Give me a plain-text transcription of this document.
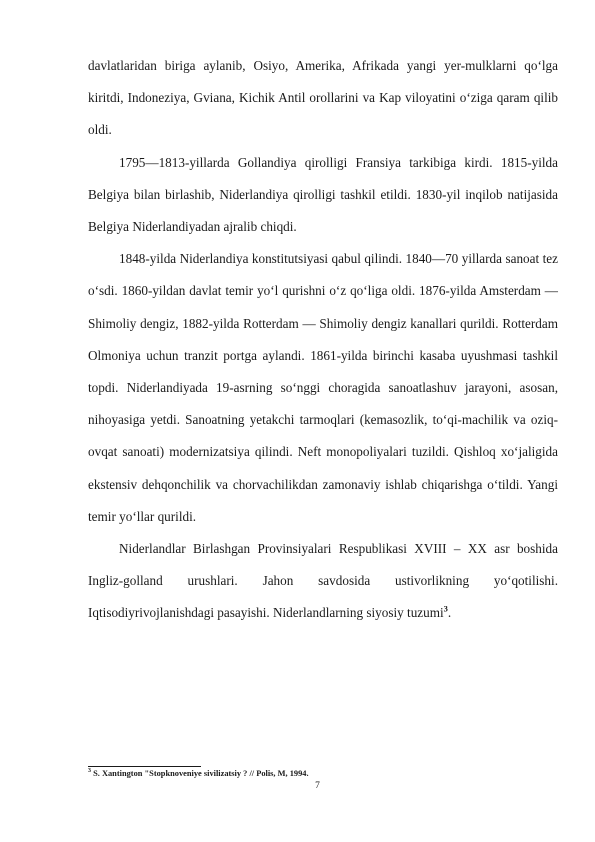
davlatlaridan biriga aylanib, Osiyo, Amerika, Afrikada yangi yer-mulklarni qo‘lga kiritdi, Indoneziya, Gviana, Kichik Antil orollarini va Kap viloyatini o‘ziga qaram qilib oldi.

1795—1813-yillarda Gollandiya qirolligi Fransiya tarkibiga kirdi. 1815-yilda Belgiya bilan birlashib, Niderlandiya qirolligi tashkil etildi. 1830-yil inqilob natijasida Belgiya Niderlandiyadan ajralib chiqdi.

1848-yilda Niderlandiya konstitutsiyasi qabul qilindi. 1840—70 yillarda sanoat tez o‘sdi. 1860-yildan davlat temir yo‘l qurishni o‘z qo‘liga oldi. 1876-yilda Amsterdam — Shimoliy dengiz, 1882-yilda Rotterdam — Shimoliy dengiz kanallari qurildi. Rotterdam Olmoniya uchun tranzit portga aylandi. 1861-yilda birinchi kasaba uyushmasi tashkil topdi. Niderlandiyada 19-asrning so‘nggi choragida sanoatlashuv jarayoni, asosan, nihoyasiga yetdi. Sanoatning yetakchi tarmoqlari (kemasozlik, to‘qi-machilik va oziq-ovqat sanoati) modernizatsiya qilindi. Neft monopoliyalari tuzildi. Qishloq xo‘jaligida ekstensiv dehqonchilik va chorvachilikdan zamonaviy ishlab chiqarishga o‘tildi. Yangi temir yo‘llar qurildi.

Niderlandlar Birlashgan Provinsiyalari Respublikasi XVIII – XX asr boshida Ingliz-golland urushlari. Jahon savdosida ustivorlikning yo‘qotilishi. Iqtisodiyrivojlanishdagi pasayishi. Niderlandlarning siyosiy tuzumi$^3$.

$^3$ S. Xantington "Stopknoveniye sivilizatsiy ? // Polis, M, 1994.
7
